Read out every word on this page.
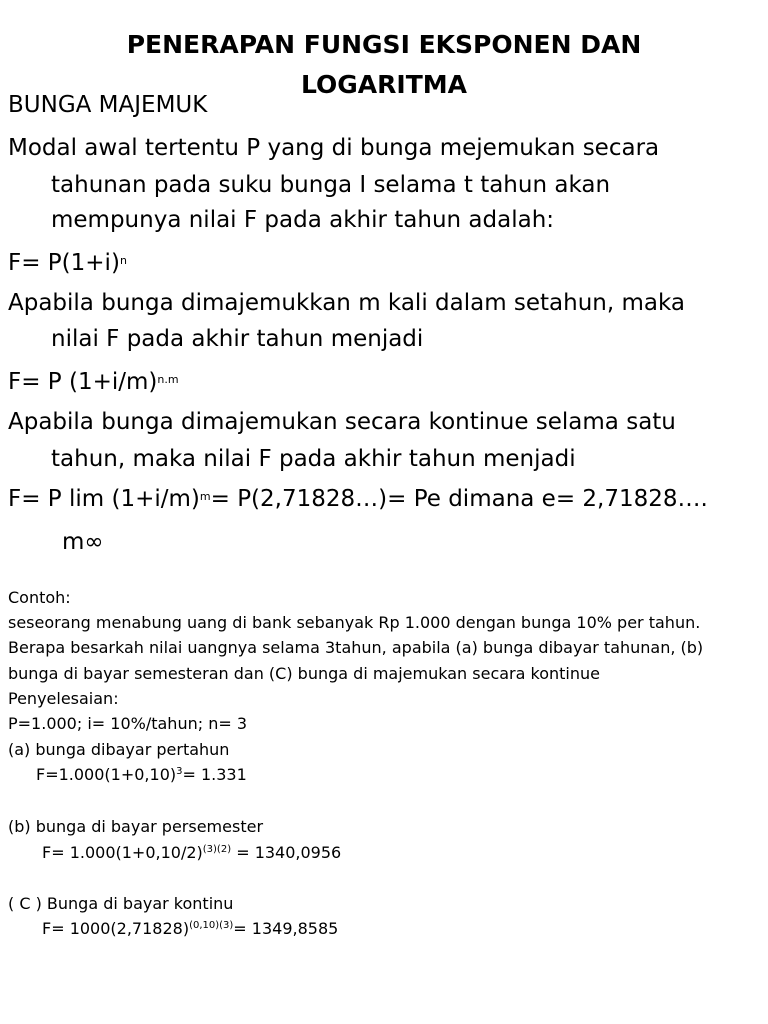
PENERAPAN FUNGSI EKSPONEN DAN
LOGARITMA
BUNGA MAJEMUK
Modal awal tertentu P yang di bunga mejemukan secara
tahunan pada suku bunga I selama t tahun akan
mempunya nilai F pada akhir tahun adalah:
$F= P(1+i)^n$
Apabila bunga dimajemukkan m kali dalam setahun, maka
nilai F pada akhir tahun menjadi
F= P $(1+i/m)^{n.m}$
Apabila bunga dimajemukan secara kontinue selama satu
tahun, maka nilai F pada akhir tahun menjadi
F= P $\lim (1+i/m)^m=$ P(2,71828…)= Pe dimana e= 2,71828….
m∞
Contoh:
seseorang menabung uang di bank sebanyak Rp 1.000 dengan bunga 10% per tahun.
Berapa besarkah nilai uangnya selama 3tahun, apabila (a) bunga dibayar tahunan, (b)
bunga di bayar semesteran dan (C) bunga di majemukan secara kontinue
Penyelesaian:
P=1.000; i= 10%/tahun; n= 3
(a) bunga dibayar pertahun
$F=1.000(1+0,10)^3= 1.331$
(b) bunga di bayar persemester
$F= 1.000(1+0,10/2)^{(3)(2)} = 1340,0956$
( C ) Bunga di bayar kontinu
$F= 1000(2,71828)^{(0,10)(3)}= 1349,8585$
